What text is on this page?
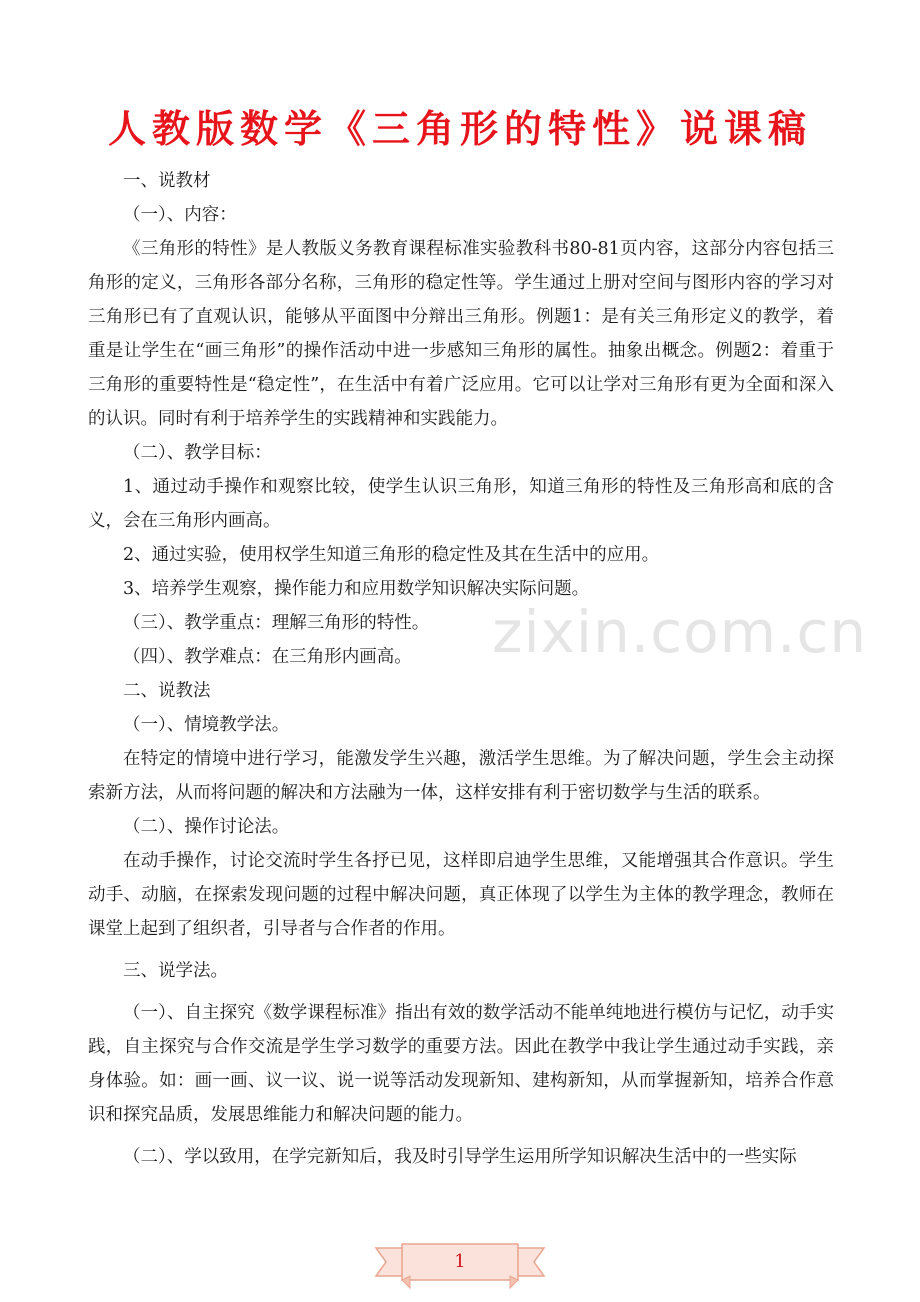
人教版数学《三角形的特性》说课稿

一、说教材

（一）、内容：

《三角形的特性》是人教版义务教育课程标准实验教科书80-81页内容，这部分内容包括三角形的定义，三角形各部分名称，三角形的稳定性等。学生通过上册对空间与图形内容的学习对三角形已有了直观认识，能够从平面图中分辩出三角形。例题1：是有关三角形定义的教学，着重是让学生在“画三角形”的操作活动中进一步感知三角形的属性。抽象出概念。例题2：着重于三角形的重要特性是“稳定性”，在生活中有着广泛应用。它可以让学对三角形有更为全面和深入的认识。同时有利于培养学生的实践精神和实践能力。

（二）、教学目标：

1、通过动手操作和观察比较，使学生认识三角形，知道三角形的特性及三角形高和底的含义，会在三角形内画高。

2、通过实验，使用权学生知道三角形的稳定性及其在生活中的应用。

3、培养学生观察，操作能力和应用数学知识解决实际问题。

（三）、教学重点：理解三角形的特性。

（四）、教学难点：在三角形内画高。

二、说教法

（一）、情境教学法。

在特定的情境中进行学习，能激发学生兴趣，激活学生思维。为了解决问题，学生会主动探索新方法，从而将问题的解决和方法融为一体，这样安排有利于密切数学与生活的联系。

（二）、操作讨论法。

在动手操作，讨论交流时学生各抒已见，这样即启迪学生思维，又能增强其合作意识。学生动手、动脑，在探索发现问题的过程中解决问题，真正体现了以学生为主体的教学理念，教师在课堂上起到了组织者，引导者与合作者的作用。

三、说学法。

（一）、自主探究《数学课程标准》指出有效的数学活动不能单纯地进行模仿与记忆，动手实践，自主探究与合作交流是学生学习数学的重要方法。因此在教学中我让学生通过动手实践，亲身体验。如：画一画、议一议、说一说等活动发现新知、建构新知，从而掌握新知，培养合作意识和探究品质，发展思维能力和解决问题的能力。

（二）、学以致用，在学完新知后，我及时引导学生运用所学知识解决生活中的一些实际

zixin.com.cn
1
